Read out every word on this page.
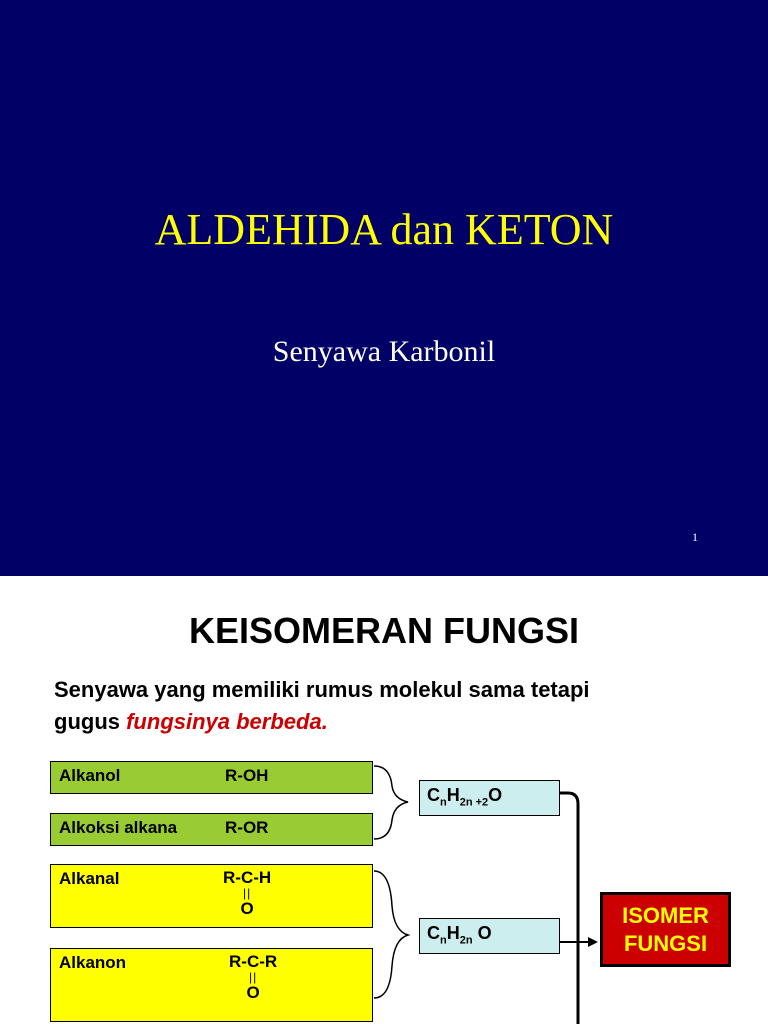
ALDEHIDA dan KETON
Senyawa Karbonil
1
KEISOMERAN FUNGSI
Senyawa yang memiliki rumus molekul sama tetapi
gugus fungsinya berbeda.
Alkanol	R-OH
Alkoksi alkana	R-OR
Alkanal	R-C-H
||
O
Alkanon	R-C-R
||
O
$C_nH_{2n +2}O$
$C_nH_{2n}$ O
ISOMER
FUNGSI
